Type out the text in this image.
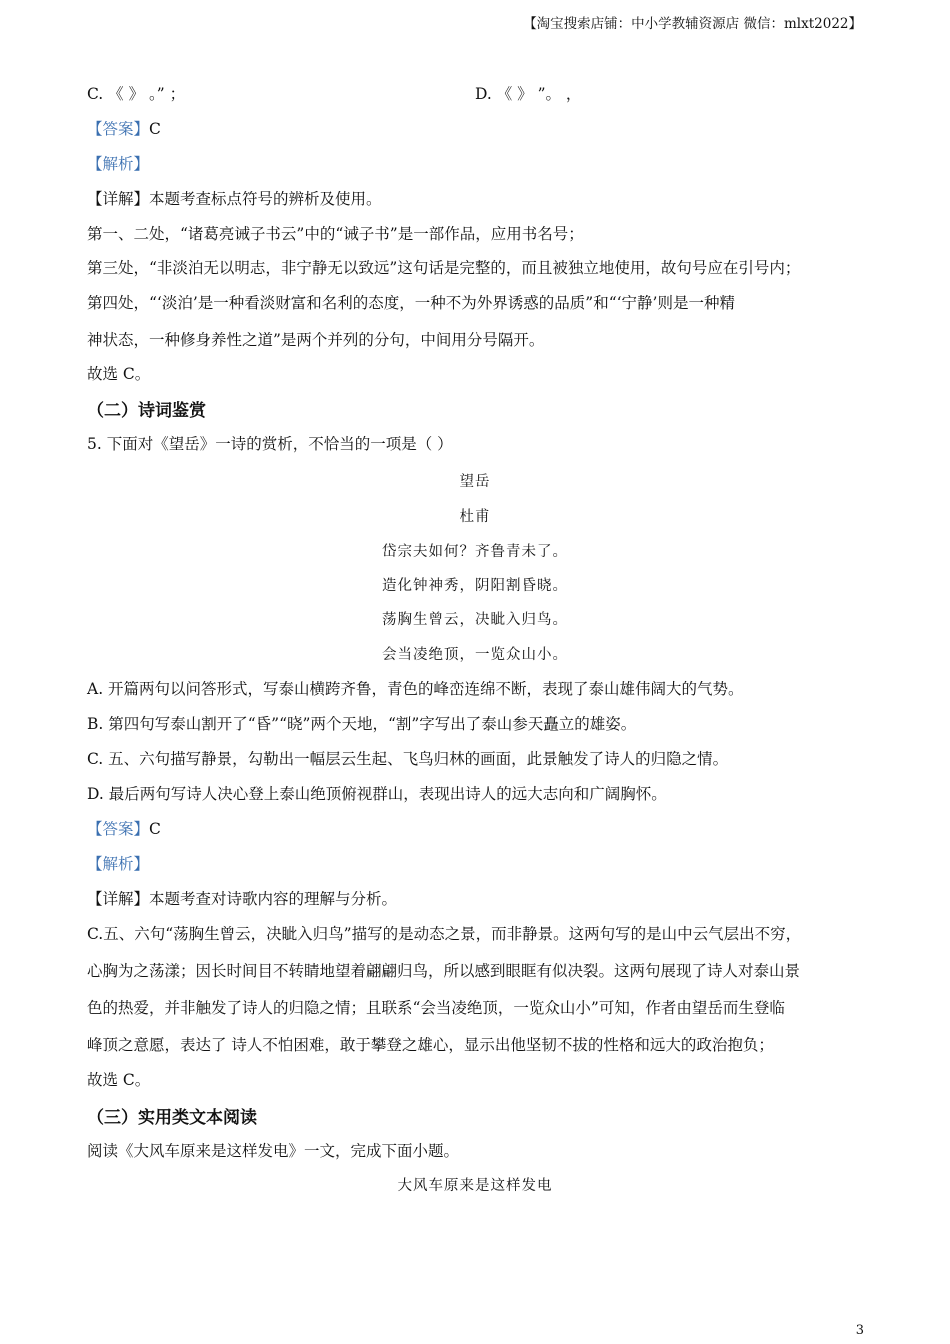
【淘宝搜索店铺：中小学教辅资源店 微信：mlxt2022】
C. 《 》 。” ；	D. 《 》 ”。 ，
【答案】C
【解析】
【详解】本题考查标点符号的辨析及使用。
第一、二处，“诸葛亮诫子书云”中的“诫子书”是一部作品，应用书名号；
第三处，“非淡泊无以明志，非宁静无以致远”这句话是完整的，而且被独立地使用，故句号应在引号内；
第四处，“‘淡泊’是一种看淡财富和名利的态度，一种不为外界诱惑的品质”和“‘宁静’则是一种精
神状态，一种修身养性之道”是两个并列的分句，中间用分号隔开。
故选 C。
（二）诗词鉴赏
5. 下面对《望岳》一诗的赏析，不恰当的一项是（ ）
望岳
杜甫
岱宗夫如何？齐鲁青未了。
造化钟神秀，阴阳割昏晓。
荡胸生曾云，决眦入归鸟。
会当凌绝顶，一览众山小。
A. 开篇两句以问答形式，写泰山横跨齐鲁，青色的峰峦连绵不断，表现了泰山雄伟阔大的气势。
B. 第四句写泰山割开了“昏”“晓”两个天地，“割”字写出了泰山参天矗立的雄姿。
C. 五、六句描写静景，勾勒出一幅层云生起、飞鸟归林的画面，此景触发了诗人的归隐之情。
D. 最后两句写诗人决心登上泰山绝顶俯视群山，表现出诗人的远大志向和广阔胸怀。
【答案】C
【解析】
【详解】本题考查对诗歌内容的理解与分析。
C.五、六句“荡胸生曾云，决眦入归鸟”描写的是动态之景，而非静景。这两句写的是山中云气层出不穷，
心胸为之荡漾；因长时间目不转睛地望着翩翩归鸟，所以感到眼眶有似决裂。这两句展现了诗人对泰山景
色的热爱，并非触发了诗人的归隐之情；且联系“会当凌绝顶，一览众山小”可知，作者由望岳而生登临
峰顶之意愿，表达了 诗人不怕困难，敢于攀登之雄心，显示出他坚韧不拔的性格和远大的政治抱负；
故选 C。
（三）实用类文本阅读
阅读《大风车原来是这样发电》一文，完成下面小题。
大风车原来是这样发电
3
